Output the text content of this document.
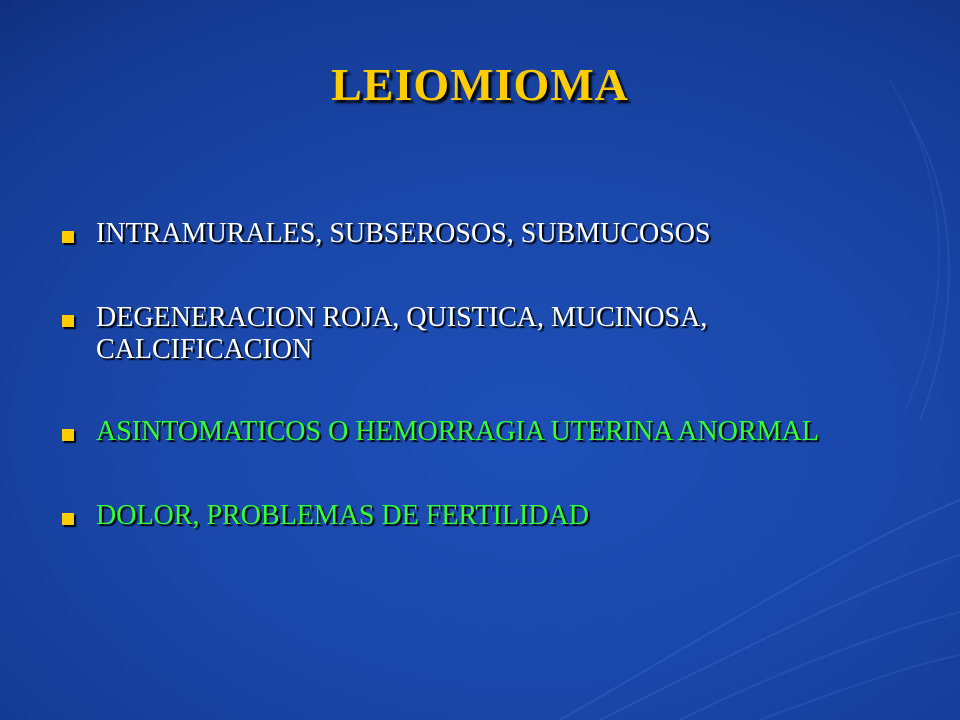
LEIOMIOMA
INTRAMURALES, SUBSEROSOS, SUBMUCOSOS
DEGENERACION ROJA, QUISTICA, MUCINOSA, CALCIFICACION
ASINTOMATICOS O HEMORRAGIA UTERINA ANORMAL
DOLOR, PROBLEMAS DE FERTILIDAD
